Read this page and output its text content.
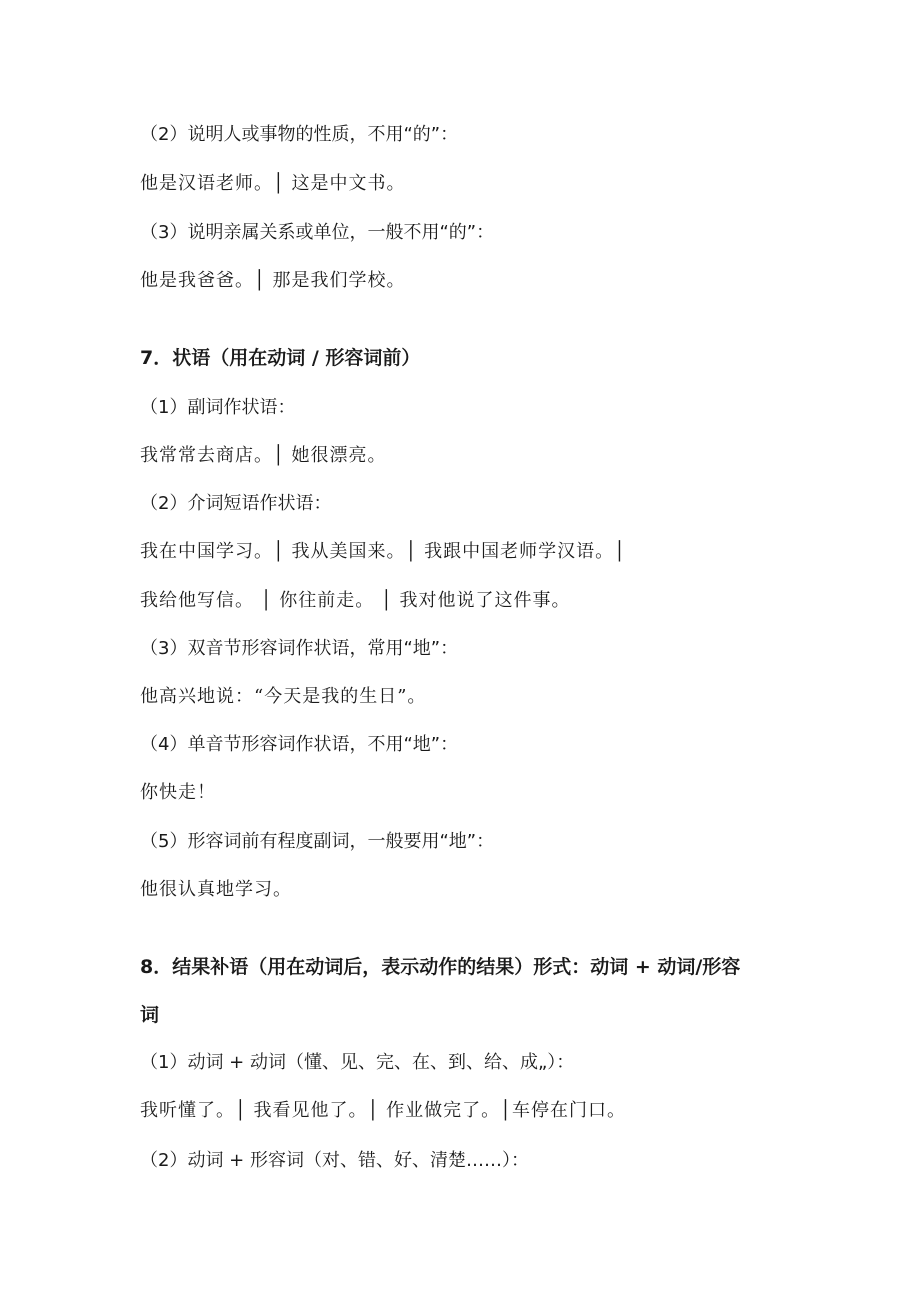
（2）说明人或事物的性质，不用“的”：
他是汉语老师。│ 这是中文书。
（3）说明亲属关系或单位，一般不用“的”：
他是我爸爸。│ 那是我们学校。
7．状语（用在动词 / 形容词前）
（1）副词作状语：
我常常去商店。│ 她很漂亮。
（2）介词短语作状语：
我在中国学习。│ 我从美国来。│ 我跟中国老师学汉语。│
我给他写信。 │ 你往前走。 │ 我对他说了这件事。
（3）双音节形容词作状语，常用“地”：
他高兴地说：“今天是我的生日”。
（4）单音节形容词作状语，不用“地”：
你快走！
（5）形容词前有程度副词，一般要用“地”：
他很认真地学习。
8．结果补语（用在动词后，表示动作的结果）形式：动词 + 动词/形容
词
（1）动词 + 动词（懂、见、完、在、到、给、成„）：
我听懂了。│ 我看见他了。│ 作业做完了。│车停在门口。
（2）动词 + 形容词（对、错、好、清楚……）：
